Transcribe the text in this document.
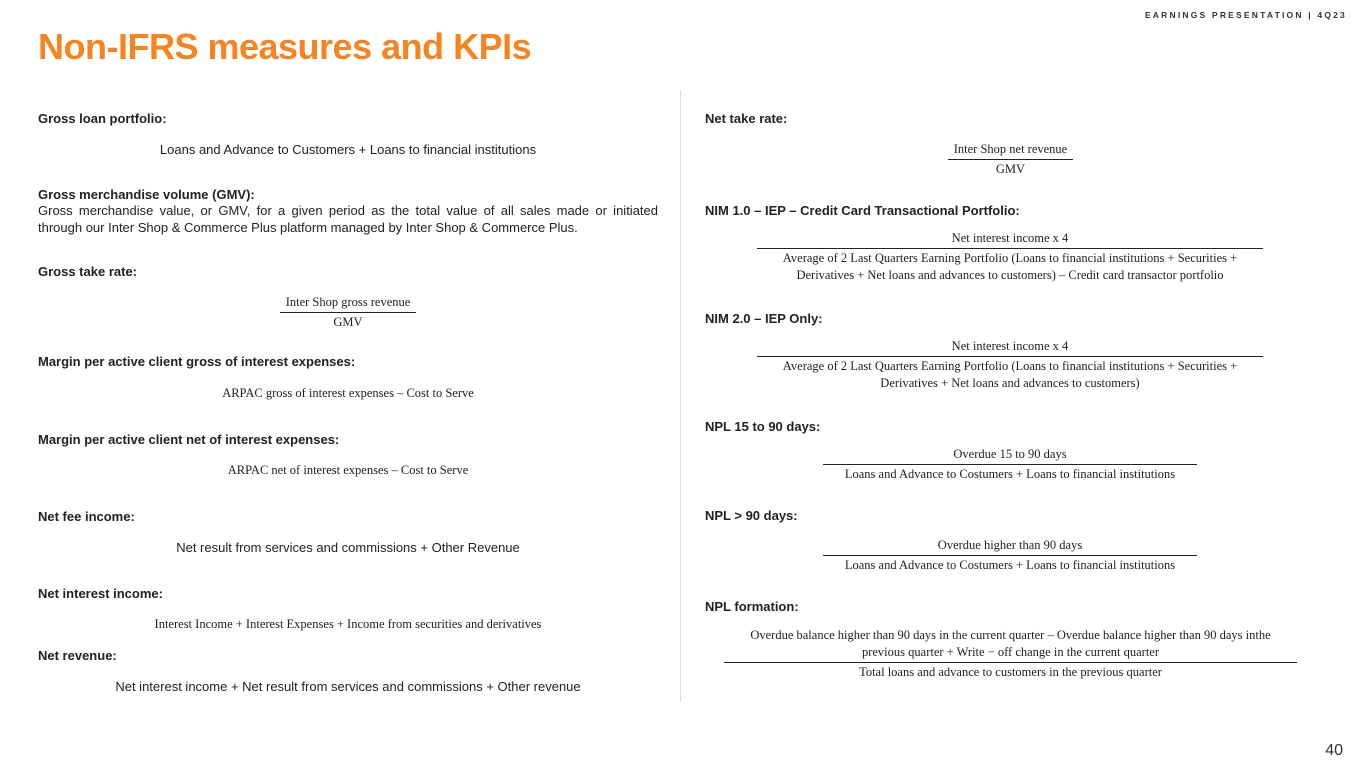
EARNINGS PRESENTATION | 4Q23
Non-IFRS measures and KPIs
Gross loan portfolio:
Loans and Advance to Customers + Loans to financial institutions
Gross merchandise volume (GMV):
Gross merchandise value, or GMV, for a given period as the total value of all sales made or initiated through our Inter Shop & Commerce Plus platform managed by Inter Shop & Commerce Plus.
Gross take rate:
Inter Shop gross revenue
GMV
Margin per active client gross of interest expenses:
ARPAC gross of interest expenses – Cost to Serve
Margin per active client net of interest expenses:
ARPAC net of interest expenses – Cost to Serve
Net fee income:
Net result from services and commissions + Other Revenue
Net interest income:
Interest Income + Interest Expenses + Income from securities and derivatives
Net revenue:
Net interest income + Net result from services and commissions + Other revenue
Net take rate:
Inter Shop net revenue
GMV
NIM 1.0 – IEP – Credit Card Transactional Portfolio:
Net interest income x 4
Average of 2 Last Quarters Earning Portfolio (Loans to financial institutions + Securities +
Derivatives + Net loans and advances to customers) – Credit card transactor portfolio
NIM 2.0 – IEP Only:
Net interest income x 4
Average of 2 Last Quarters Earning Portfolio (Loans to financial institutions + Securities +
Derivatives + Net loans and advances to customers)
NPL 15 to 90 days:
Overdue 15 to 90 days
Loans and Advance to Costumers + Loans to financial institutions
NPL > 90 days:
Overdue higher than 90 days
Loans and Advance to Costumers + Loans to financial institutions
NPL formation:
Overdue balance higher than 90 days in the current quarter – Overdue balance higher than 90 days inthe
previous quarter + Write − off change in the current quarter
Total loans and advance to customers in the previous quarter
40
